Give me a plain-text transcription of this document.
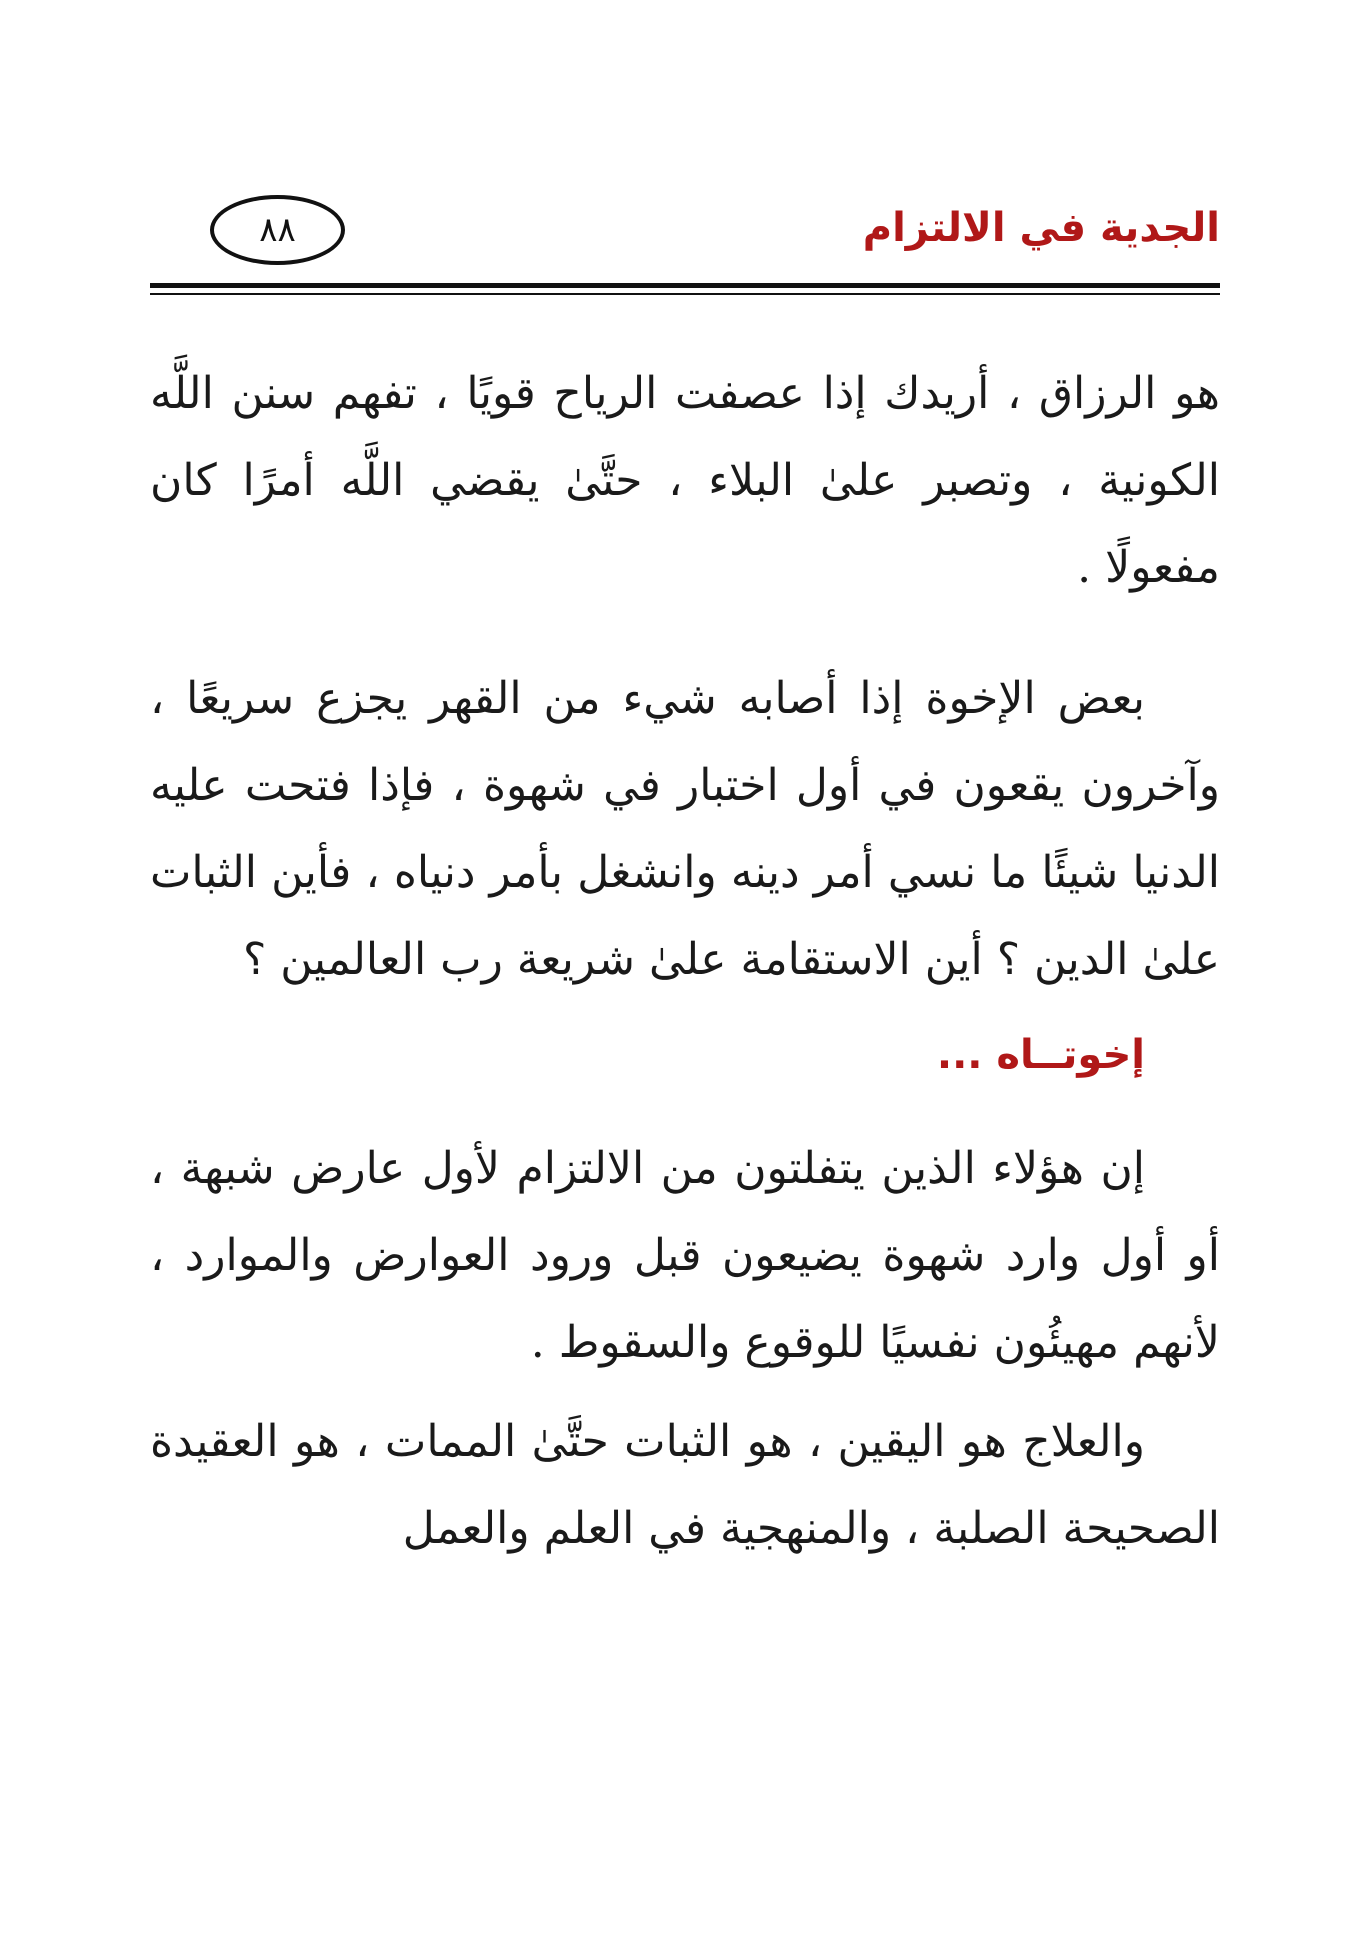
الجدية في الالتزام
٨٨

هو الرزاق ، أريدك إذا عصفت الرياح قويًا ، تفهم سنن اللَّه الكونية ، وتصبر علىٰ البلاء ، حتَّىٰ يقضي اللَّه أمرًا كان مفعولًا .

بعض الإخوة إذا أصابه شيء من القهر يجزع سريعًا ، وآخرون يقعون في أول اختبار في شهوة ، فإذا فتحت عليه الدنيا شيئًا ما نسي أمر دينه وانشغل بأمر دنياه ، فأين الثبات علىٰ الدين ؟ أين الاستقامة علىٰ شريعة رب العالمين ؟

إخوتــاه ...

إن هؤلاء الذين يتفلتون من الالتزام لأول عارض شبهة ، أو أول وارد شهوة يضيعون قبل ورود العوارض والموارد ، لأنهم مهيئُون نفسيًا للوقوع والسقوط .

والعلاج هو اليقين ، هو الثبات حتَّىٰ الممات ، هو العقيدة الصحيحة الصلبة ، والمنهجية في العلم والعمل
